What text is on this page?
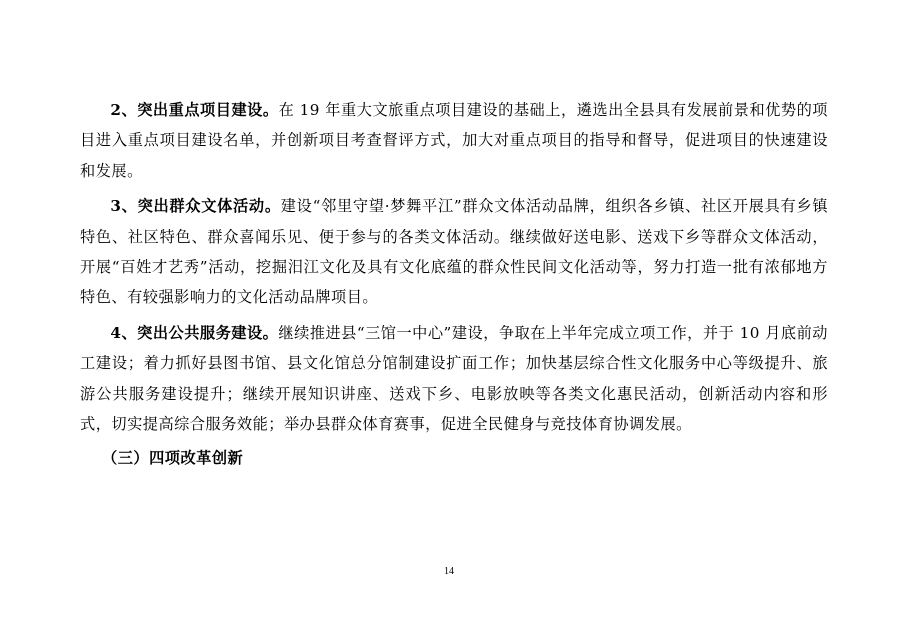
2、突出重点项目建设。在 19 年重大文旅重点项目建设的基础上，遴选出全县具有发展前景和优势的项目进入重点项目建设名单，并创新项目考查督评方式，加大对重点项目的指导和督导，促进项目的快速建设和发展。

3、突出群众文体活动。建设“邻里守望·梦舞平江”群众文体活动品牌，组织各乡镇、社区开展具有乡镇特色、社区特色、群众喜闻乐见、便于参与的各类文体活动。继续做好送电影、送戏下乡等群众文体活动，开展“百姓才艺秀”活动，挖掘汨江文化及具有文化底蕴的群众性民间文化活动等，努力打造一批有浓郁地方特色、有较强影响力的文化活动品牌项目。

4、突出公共服务建设。继续推进县“三馆一中心”建设，争取在上半年完成立项工作，并于 10 月底前动工建设；着力抓好县图书馆、县文化馆总分馆制建设扩面工作；加快基层综合性文化服务中心等级提升、旅游公共服务建设提升；继续开展知识讲座、送戏下乡、电影放映等各类文化惠民活动，创新活动内容和形式，切实提高综合服务效能；举办县群众体育赛事，促进全民健身与竞技体育协调发展。

（三）四项改革创新

14
